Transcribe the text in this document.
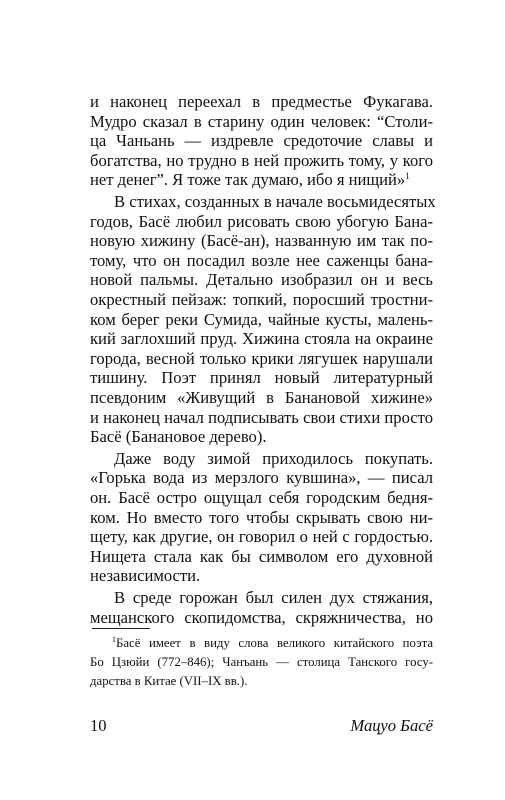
и наконец переехал в предместье Фукагава.
Мудро сказал в старину один человек: “Столи-
ца Чаньань — издревле средоточие славы и
богатства, но трудно в ней прожить тому, у кого
нет денег”. Я тоже так думаю, ибо я нищий»$^1$
В стихах, созданных в начале восьмидесятых
годов, Басё любил рисовать свою убогую Бана-
новую хижину (Басё-ан), названную им так по-
тому, что он посадил возле нее саженцы бана-
новой пальмы. Детально изобразил он и весь
окрестный пейзаж: топкий, поросший тростни-
ком берег реки Сумида, чайные кусты, малень-
кий заглохший пруд. Хижина стояла на окраине
города, весной только крики лягушек нарушали
тишину. Поэт принял новый литературный
псевдоним «Живущий в Банановой хижине»
и наконец начал подписывать свои стихи просто
Басё (Банановое дерево).
Даже воду зимой приходилось покупать.
«Горька вода из мерзлого кувшина», — писал
он. Басё остро ощущал себя городским бедня-
ком. Но вместо того чтобы скрывать свою ни-
щету, как другие, он говорил о ней с гордостью.
Нищета стала как бы символом его духовной
независимости.
В среде горожан был силен дух стяжания,
мещанского скопидомства, скряжничества, но
$^1$Басё имеет в виду слова великого китайского поэта
Бо Цзюйи (772–846); Чанъань — столица Танского госу-
дарства в Китае (VII–IX вв.).
10	Мацуо Басё
